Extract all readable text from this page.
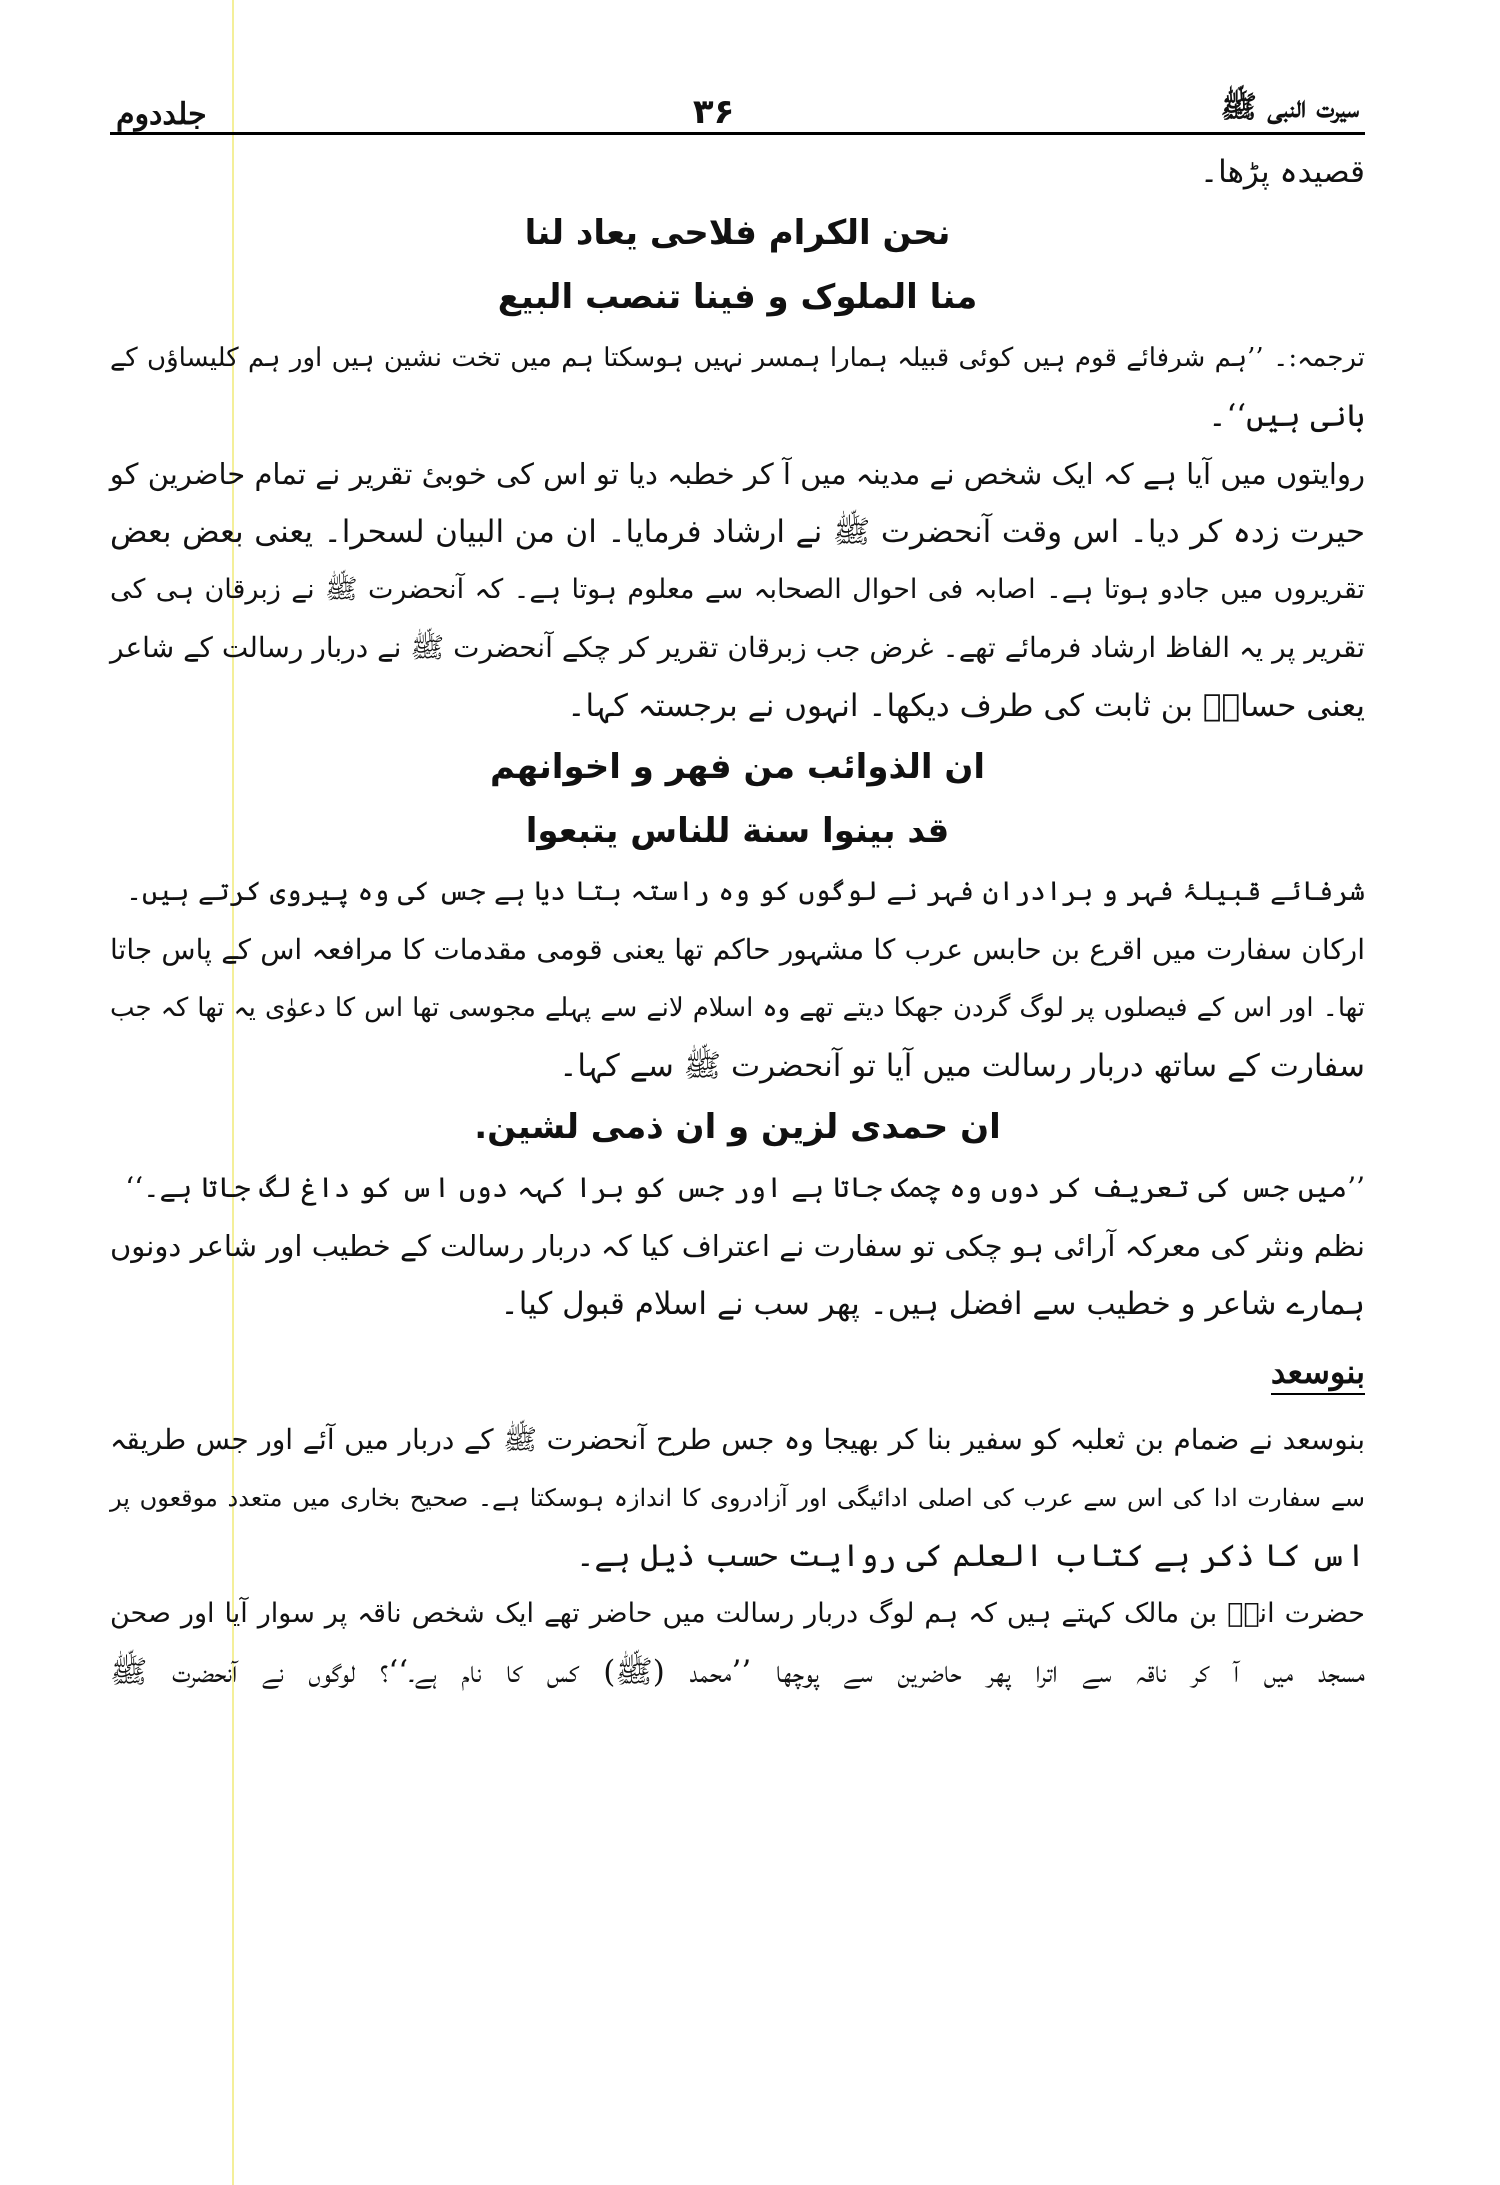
سیرت النبی ﷺ
۳۶
جلددوم
قصیدہ پڑھا۔
نحن الكرام فلاحی يعاد لنا
منا الملوک و فينا تنصب البيع
ترجمہ:۔ ’’ہم شرفائے قوم ہیں کوئی قبیلہ ہمارا ہمسر نہیں ہوسکتا ہم میں تخت نشین ہیں اور ہم کلیساؤں کے
بانی ہیں‘‘۔
روایتوں میں آیا ہے کہ ایک شخص نے مدینہ میں آ کر خطبہ دیا تو اس کی خوبیٔ تقریر نے تمام حاضرین کو
حیرت زدہ کر دیا۔ اس وقت آنحضرت ﷺ نے ارشاد فرمایا۔ ان من البيان لسحرا۔ یعنی بعض بعض
تقریروں میں جادو ہوتا ہے۔ اصابہ فی احوال الصحابہ سے معلوم ہوتا ہے۔ کہ آنحضرت ﷺ نے زبرقان ہی کی
تقریر پر یہ الفاظ ارشاد فرمائے تھے۔ غرض جب زبرقان تقریر کر چکے آنحضرت ﷺ نے دربار رسالت کے شاعر
یعنی حسانؓ بن ثابت کی طرف دیکھا۔ انہوں نے برجستہ کہا۔
ان الذوائب من فهر و اخوانهم
قد بينوا سنة للناس يتبعوا
شرفائے قبیلۂ فہر و برادرانِ فہر نے لوگوں کو وہ راستہ بتا دیا ہے جس کی وہ پیروی کرتے ہیں۔
ارکان سفارت میں اقرع بن حابس عرب کا مشہور حاکم تھا یعنی قومی مقدمات کا مرافعہ اس کے پاس جاتا
تھا۔ اور اس کے فیصلوں پر لوگ گردن جھکا دیتے تھے وہ اسلام لانے سے پہلے مجوسی تھا اس کا دعوٰی یہ تھا کہ جب
سفارت کے ساتھ دربار رسالت میں آیا تو آنحضرت ﷺ سے کہا۔
ان حمدی لزين و ان ذمی لشين.
’’میں جس کی تعریف کر دوں وہ چمک جاتا ہے اور جس کو برا کہہ دوں اس کو داغ لگ جاتا ہے۔‘‘
نظم ونثر کی معرکہ آرائی ہو چکی تو سفارت نے اعتراف کیا کہ دربار رسالت کے خطیب اور شاعر دونوں
ہمارے شاعر و خطیب سے افضل ہیں۔ پھر سب نے اسلام قبول کیا۔
بنوسعد
بنوسعد نے ضمام بن ثعلبہ کو سفیر بنا کر بھیجا وہ جس طرح آنحضرت ﷺ کے دربار میں آئے اور جس طریقہ
سے سفارت ادا کی اس سے عرب کی اصلی ادائیگی اور آزادروی کا اندازہ ہوسکتا ہے۔ صحیح بخاری میں متعدد موقعوں پر
اس کا ذکر ہے کتاب العلم کی روایت حسب ذیل ہے۔
حضرت انسؓ بن مالک کہتے ہیں کہ ہم لوگ دربار رسالت میں حاضر تھے ایک شخص ناقہ پر سوار آیا اور صحن
مسجد میں آ کر ناقہ سے اترا پھر حاضرین سے پوچھا ’’محمد (ﷺ) کس کا نام ہے۔‘‘؟ لوگوں نے آنحضرت ﷺ
